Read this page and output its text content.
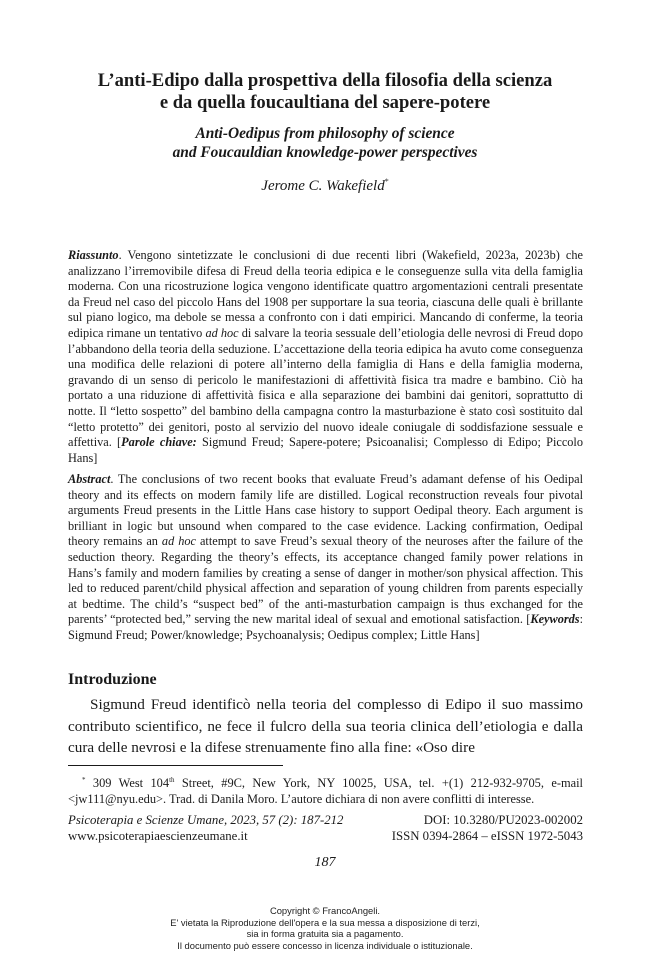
L’anti-Edipo dalla prospettiva della filosofia della scienza
e da quella foucaultiana del sapere-potere
Anti-Oedipus from philosophy of science
and Foucauldian knowledge-power perspectives
Jerome C. Wakefield*
Riassunto. Vengono sintetizzate le conclusioni di due recenti libri (Wakefield, 2023a, 2023b) che analizzano l’irremovibile difesa di Freud della teoria edipica e le conseguenze sulla vita della famiglia moderna. Con una ricostruzione logica vengono identificate quattro argomentazioni centrali presentate da Freud nel caso del piccolo Hans del 1908 per supportare la sua teoria, ciascuna delle quali è brillante sul piano logico, ma debole se messa a confronto con i dati empirici. Mancando di conferme, la teoria edipica rimane un tentativo ad hoc di salvare la teoria sessuale dell’etiologia delle nevrosi di Freud dopo l’abbandono della teoria della seduzione. L’accettazione della teoria edipica ha avuto come conseguenza una modifica delle relazioni di potere all’interno della famiglia di Hans e della famiglia moderna, gravando di un senso di pericolo le manifestazioni di affettività fisica tra madre e bambino. Ciò ha portato a una riduzione di affettività fisica e alla separazione dei bambini dai genitori, soprattutto di notte. Il “letto sospetto” del bambino della campagna contro la masturbazione è stato così sostituito dal “letto protetto” dei genitori, posto al servizio del nuovo ideale coniugale di soddisfazione sessuale e affettiva. [Parole chiave: Sigmund Freud; Sapere-potere; Psicoanalisi; Complesso di Edipo; Piccolo Hans]
Abstract. The conclusions of two recent books that evaluate Freud’s adamant defense of his Oedipal theory and its effects on modern family life are distilled. Logical reconstruction reveals four pivotal arguments Freud presents in the Little Hans case history to support Oedipal theory. Each argument is brilliant in logic but unsound when compared to the case evidence. Lacking confirmation, Oedipal theory remains an ad hoc attempt to save Freud’s sexual theory of the neuroses after the failure of the seduction theory. Regarding the theory’s effects, its acceptance changed family power relations in Hans’s family and modern families by creating a sense of danger in mother/son physical affection. This led to reduced parent/child physical affection and separation of young children from parents especially at bedtime. The child’s “suspect bed” of the anti-masturbation campaign is thus exchanged for the parents’ “protected bed,” serving the new marital ideal of sexual and emotional satisfaction. [Keywords: Sigmund Freud; Power/knowledge; Psychoanalysis; Oedipus complex; Little Hans]
Introduzione
Sigmund Freud identificò nella teoria del complesso di Edipo il suo massimo contributo scientifico, ne fece il fulcro della sua teoria clinica dell’etiologia e dalla cura delle nevrosi e la difese strenuamente fino alla fine: «Oso dire
* 309 West 104th Street, #9C, New York, NY 10025, USA, tel. +(1) 212-932-9705, e-mail <jw111@nyu.edu>. Trad. di Danila Moro. L’autore dichiara di non avere conflitti di interesse.
Psicoterapia e Scienze Umane, 2023, 57 (2): 187-212	DOI: 10.3280/PU2023-002002
www.psicoterapiaescienzeumane.it	ISSN 0394-2864 – eISSN 1972-5043
187
Copyright © FrancoAngeli.
E' vietata la Riproduzione dell'opera e la sua messa a disposizione di terzi,
sia in forma gratuita sia a pagamento.
Il documento può essere concesso in licenza individuale o istituzionale.
